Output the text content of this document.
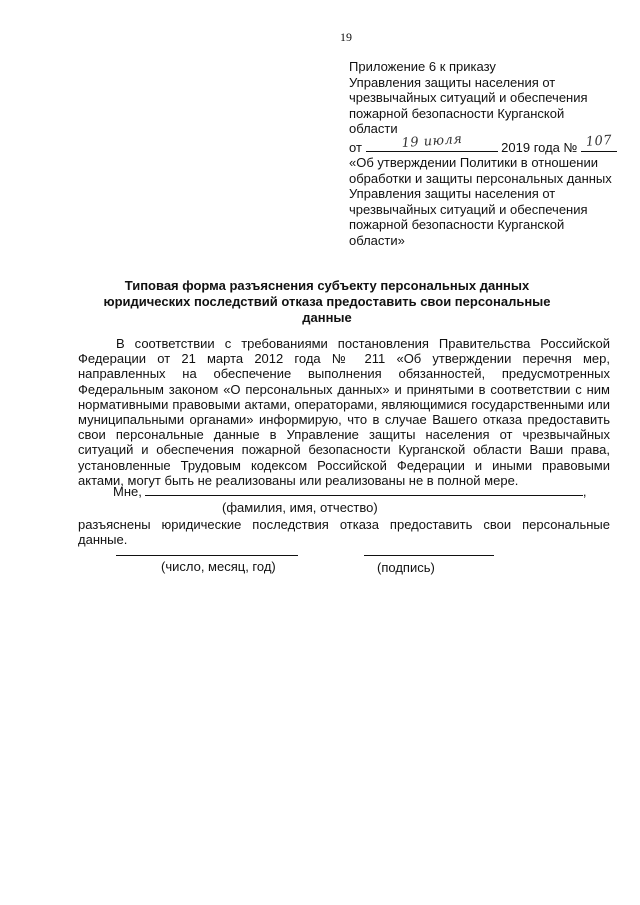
19
Приложение 6 к приказу
Управления защиты населения от
чрезвычайных ситуаций и обеспечения
пожарной безопасности Курганской
области
от	19 июля	2019 года № 107
«Об утверждении Политики в отношении
обработки и защиты персональных данных
Управления защиты населения от
чрезвычайных ситуаций и обеспечения
пожарной безопасности Курганской
области»
Типовая форма разъяснения субъекту персональных данных юридических последствий отказа предоставить свои персональные данные

В соответствии с требованиями постановления Правительства Российской Федерации от 21 марта 2012 года № 211 «Об утверждении перечня мер, направленных на обеспечение выполнения обязанностей, предусмотренных Федеральным законом «О персональных данных» и принятыми в соответствии с ним нормативными правовыми актами, операторами, являющимися государственными или муниципальными органами» информирую, что в случае Вашего отказа предоставить свои персональные данные в Управление защиты населения от чрезвычайных ситуаций и обеспечения пожарной безопасности Курганской области Ваши права, установленные Трудовым кодексом Российской Федерации и иными правовыми актами, могут быть не реализованы или реализованы не в полной мере.

Мне,	,
(фамилия, имя, отчество)
разъяснены юридические последствия отказа предоставить свои персональные данные.
(число, месяц, год)	(подпись)
